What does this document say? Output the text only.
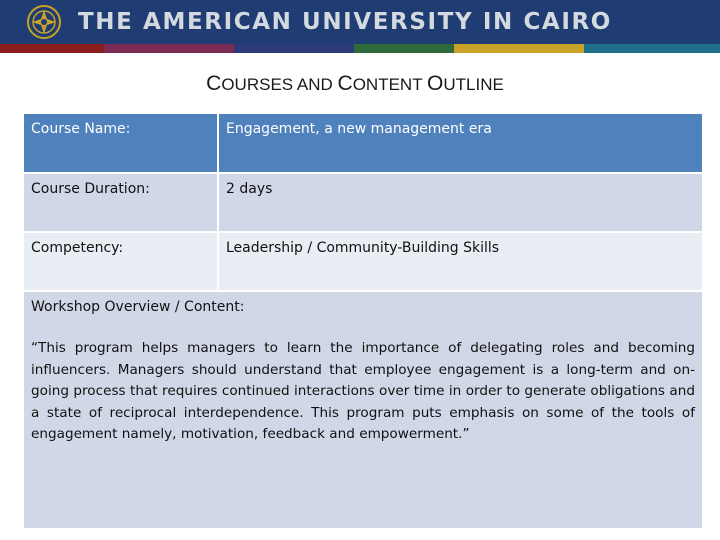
THE AMERICAN UNIVERSITY IN CAIRO
COURSES AND CONTENT OUTLINE
Course Name:	Engagement, a new management era
Course Duration:	2 days
Competency:	Leadership / Community-Building Skills
Workshop Overview / Content:
“This program helps managers to learn the importance of delegating roles and becoming influencers. Managers should understand that employee engagement is a long-term and on-going process that requires continued interactions over time in order to generate obligations and a state of reciprocal interdependence. This program puts emphasis on some of the tools of engagement namely, motivation, feedback and empowerment.”
